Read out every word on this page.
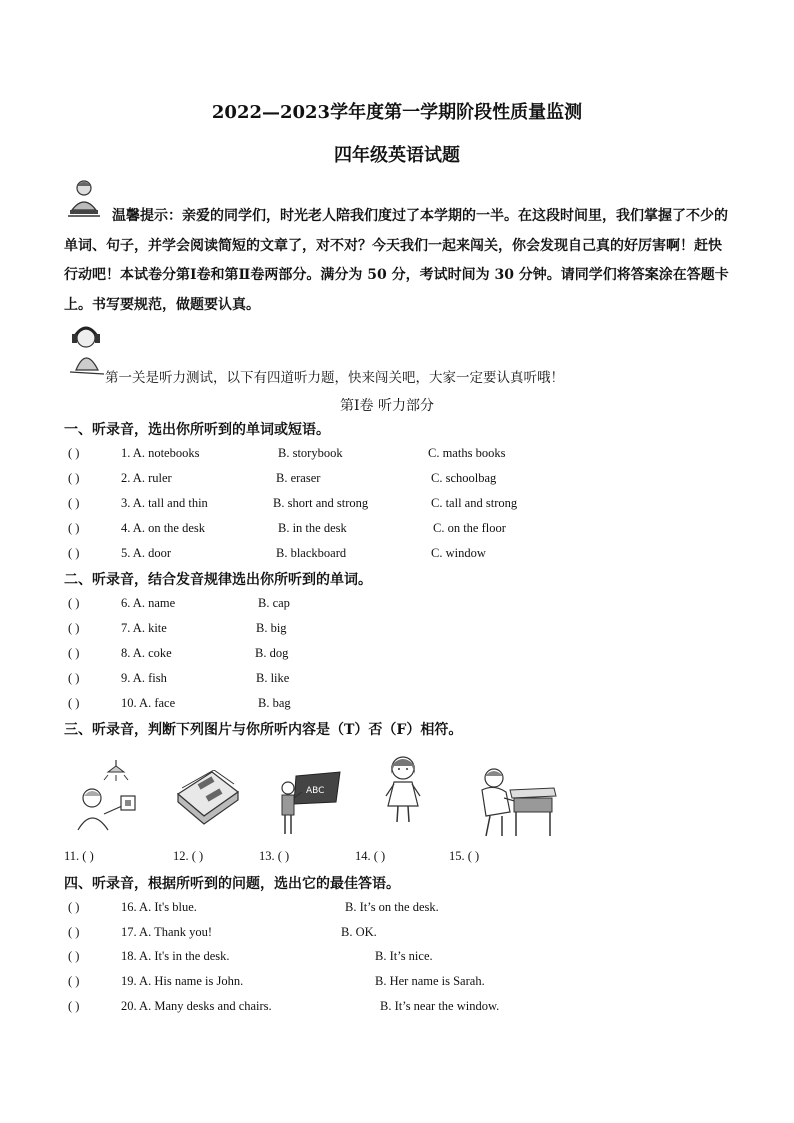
2022—2023学年度第一学期阶段性质量监测
四年级英语试题
温馨提示：亲爱的同学们，时光老人陪我们度过了本学期的一半。在这段时间里，我们掌握了不少的单词、句子，并学会阅读简短的文章了，对不对？今天我们一起来闯关，你会发现自己真的好厉害啊！赶快行动吧！本试卷分第Ⅰ卷和第Ⅱ卷两部分。满分为 50 分，考试时间为 30 分钟。请同学们将答案涂在答题卡上。书写要规范，做题要认真。
第一关是听力测试，以下有四道听力题，快来闯关吧，大家一定要认真听哦！
第Ⅰ卷 听力部分
一、听录音，选出你所听到的单词或短语。
( )	1. A. notebooks	B. storybook	C. maths books
( )	2. A. ruler	B. eraser	C. schoolbag
( )	3. A. tall and thin	B. short and strong	C. tall and strong
( )	4. A. on the desk	B. in the desk	C. on the floor
( )	5. A. door	B. blackboard	C. window
二、听录音，结合发音规律选出你所听到的单词。
( )	6. A. name	B. cap
( )	7. A. kite	B. big
( )	8. A. coke	B. dog
( )	9. A. fish	B. like
( )	10. A. face	B. bag
三、听录音，判断下列图片与你所听内容是（T）否（F）相符。
ABC
11. ( )	12. ( )	13. ( )	14. ( )	15. ( )
四、听录音，根据所听到的问题，选出它的最佳答语。
( )	16. A. It's blue.	B. It’s on the desk.
( )	17. A. Thank you!	B. OK.
( )	18. A. It's in the desk.	B. It’s nice.
( )	19. A. His name is John.	B. Her name is Sarah.
( )	20. A. Many desks and chairs.	B. It’s near the window.
